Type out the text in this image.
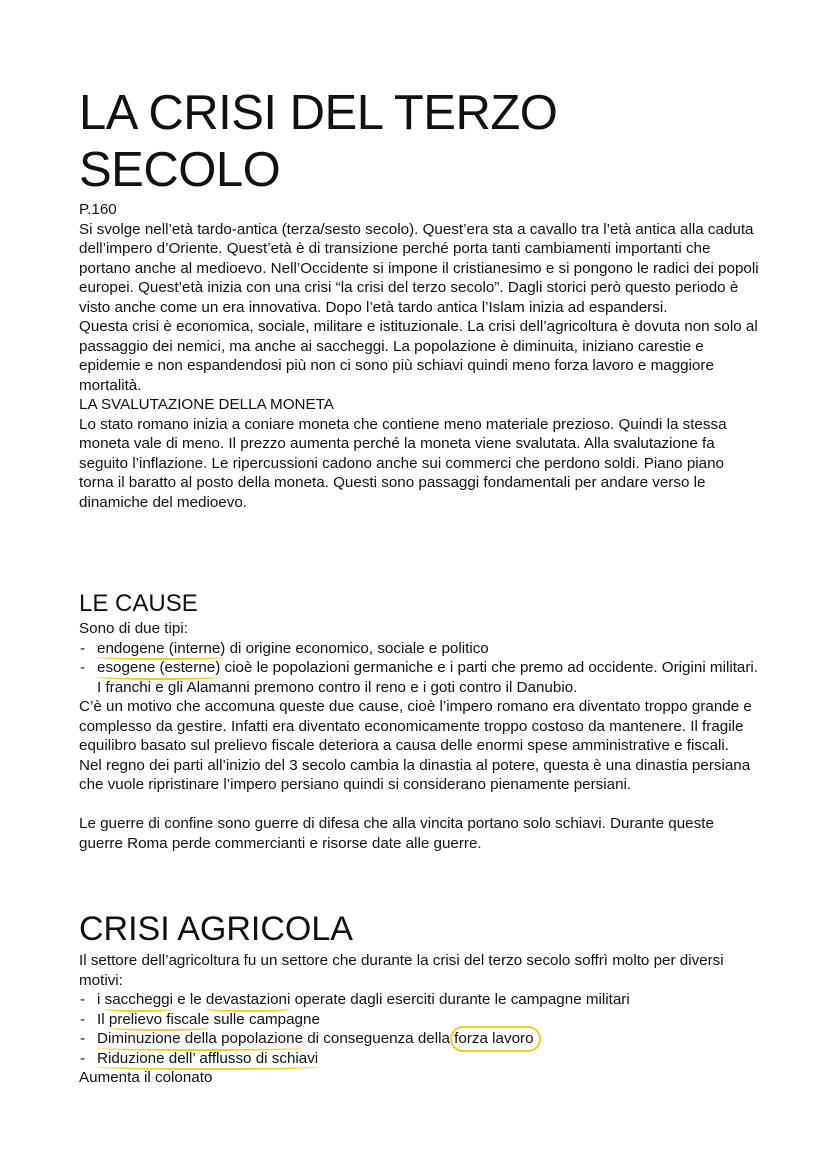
LA CRISI DEL TERZO
SECOLO

P.160

Si svolge nell’età tardo-antica (terza/sesto secolo). Quest’era sta a cavallo tra l’età antica alla caduta dell’impero d’Oriente. Quest’età è di transizione perché porta tanti cambiamenti importanti che portano anche al medioevo. Nell’Occidente si impone il cristianesimo e si pongono le radici dei popoli europei. Quest’età inizia con una crisi “la crisi del terzo secolo”. Dagli storici però questo periodo è visto anche come un era innovativa. Dopo l’età tardo antica l’Islam inizia ad espandersi.

Questa crisi è economica, sociale, militare e istituzionale. La crisi dell’agricoltura è dovuta non solo al passaggio dei nemici, ma anche ai saccheggi. La popolazione è diminuita, iniziano carestie e epidemie e non espandendosi più non ci sono più schiavi quindi meno forza lavoro e maggiore mortalità.

LA SVALUTAZIONE DELLA MONETA

Lo stato romano inizia a coniare moneta che contiene meno materiale prezioso. Quindi la stessa moneta vale di meno. Il prezzo aumenta perché la moneta viene svalutata. Alla svalutazione fa seguito l’inflazione. Le ripercussioni cadono anche sui commerci che perdono soldi. Piano piano torna il baratto al posto della moneta. Questi sono passaggi fondamentali per andare verso le dinamiche del medioevo.

LE CAUSE

Sono di due tipi:

- endogene (interne) di origine economico, sociale e politico
- esogene (esterne) cioè le popolazioni germaniche e i parti che premo ad occidente. Origini militari. I franchi e gli Alamanni premono contro il reno e i goti contro il Danubio.

C’è un motivo che accomuna queste due cause, cioè l’impero romano era diventato troppo grande e complesso da gestire. Infatti era diventato economicamente troppo costoso da mantenere. Il fragile equilibro basato sul prelievo fiscale deteriora a causa delle enormi spese amministrative e fiscali.

Nel regno dei parti all’inizio del 3 secolo cambia la dinastia al potere, questa è una dinastia persiana che vuole ripristinare l’impero persiano quindi si considerano pienamente persiani.

Le guerre di confine sono guerre di difesa che alla vincita portano solo schiavi. Durante queste guerre Roma perde commercianti e risorse date alle guerre.

CRISI AGRICOLA

Il settore dell’agricoltura fu un settore che durante la crisi del terzo secolo soffrì molto per diversi motivi:

- i saccheggi e le devastazioni operate dagli eserciti durante le campagne militari
- Il prelievo fiscale sulle campagne
- Diminuzione della popolazione di conseguenza della forza lavoro
- Riduzione dell’ afflusso di schiavi

Aumenta il colonato
